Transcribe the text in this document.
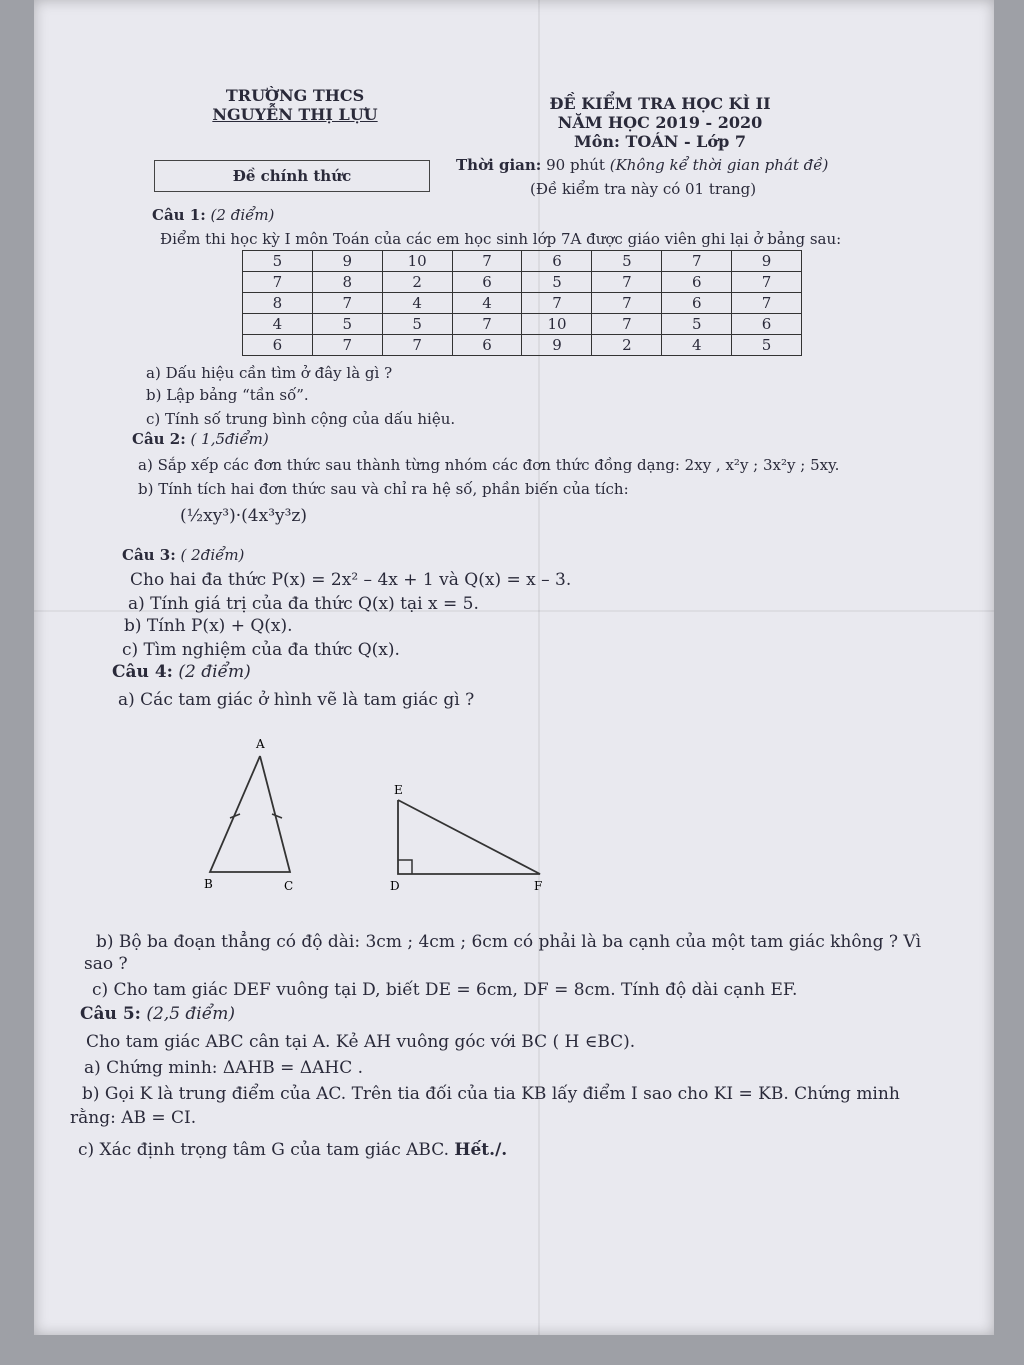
TRƯỜNG THCS
NGUYỄN THỊ LỰU
ĐỀ KIỂM TRA HỌC KÌ II
NĂM HỌC 2019 - 2020
Môn: TOÁN - Lớp 7
Thời gian: 90 phút (Không kể thời gian phát đề)
(Đề kiểm tra này có 01 trang)
Đề chính thức
Câu 1: (2 điểm)
Điểm thi học kỳ I môn Toán của các em học sinh lớp 7A được giáo viên ghi lại ở bảng sau:
5	9	10	7	6	5	7	9
7	8	2	6	5	7	6	7
8	7	4	4	7	7	6	7
4	5	5	7	10	7	5	6
6	7	7	6	9	2	4	5
a) Dấu hiệu cần tìm ở đây là gì ?
b) Lập bảng “tần số”.
c) Tính số trung bình cộng của dấu hiệu.
Câu 2: ( 1,5điểm)
a) Sắp xếp các đơn thức sau thành từng nhóm các đơn thức đồng dạng: 2xy , x²y ; 3x²y ; 5xy.
b) Tính tích hai đơn thức sau và chỉ ra hệ số, phần biến của tích:
(½xy³)·(4x³y³z)
Câu 3: ( 2điểm)
Cho hai đa thức P(x) = 2x² – 4x + 1 và Q(x) = x – 3.
a) Tính giá trị của đa thức Q(x) tại x = 5.
b) Tính P(x) + Q(x).
c) Tìm nghiệm của đa thức Q(x).
Câu 4: (2 điểm)
a) Các tam giác ở hình vẽ là tam giác gì ?
A
B	C
E
D	F
b) Bộ ba đoạn thẳng có độ dài: 3cm ; 4cm ; 6cm có phải là ba cạnh của một tam giác không ? Vì
sao ?
c) Cho tam giác DEF vuông tại D, biết DE = 6cm, DF = 8cm. Tính độ dài cạnh EF.
Câu 5: (2,5 điểm)
Cho tam giác ABC cân tại A. Kẻ AH vuông góc với BC ( H ∈BC).
a) Chứng minh: ΔAHB = ΔAHC .
b) Gọi K là trung điểm của AC. Trên tia đối của tia KB lấy điểm I sao cho KI = KB. Chứng minh
rằng: AB = CI.
c) Xác định trọng tâm G của tam giác ABC. Hết./.
